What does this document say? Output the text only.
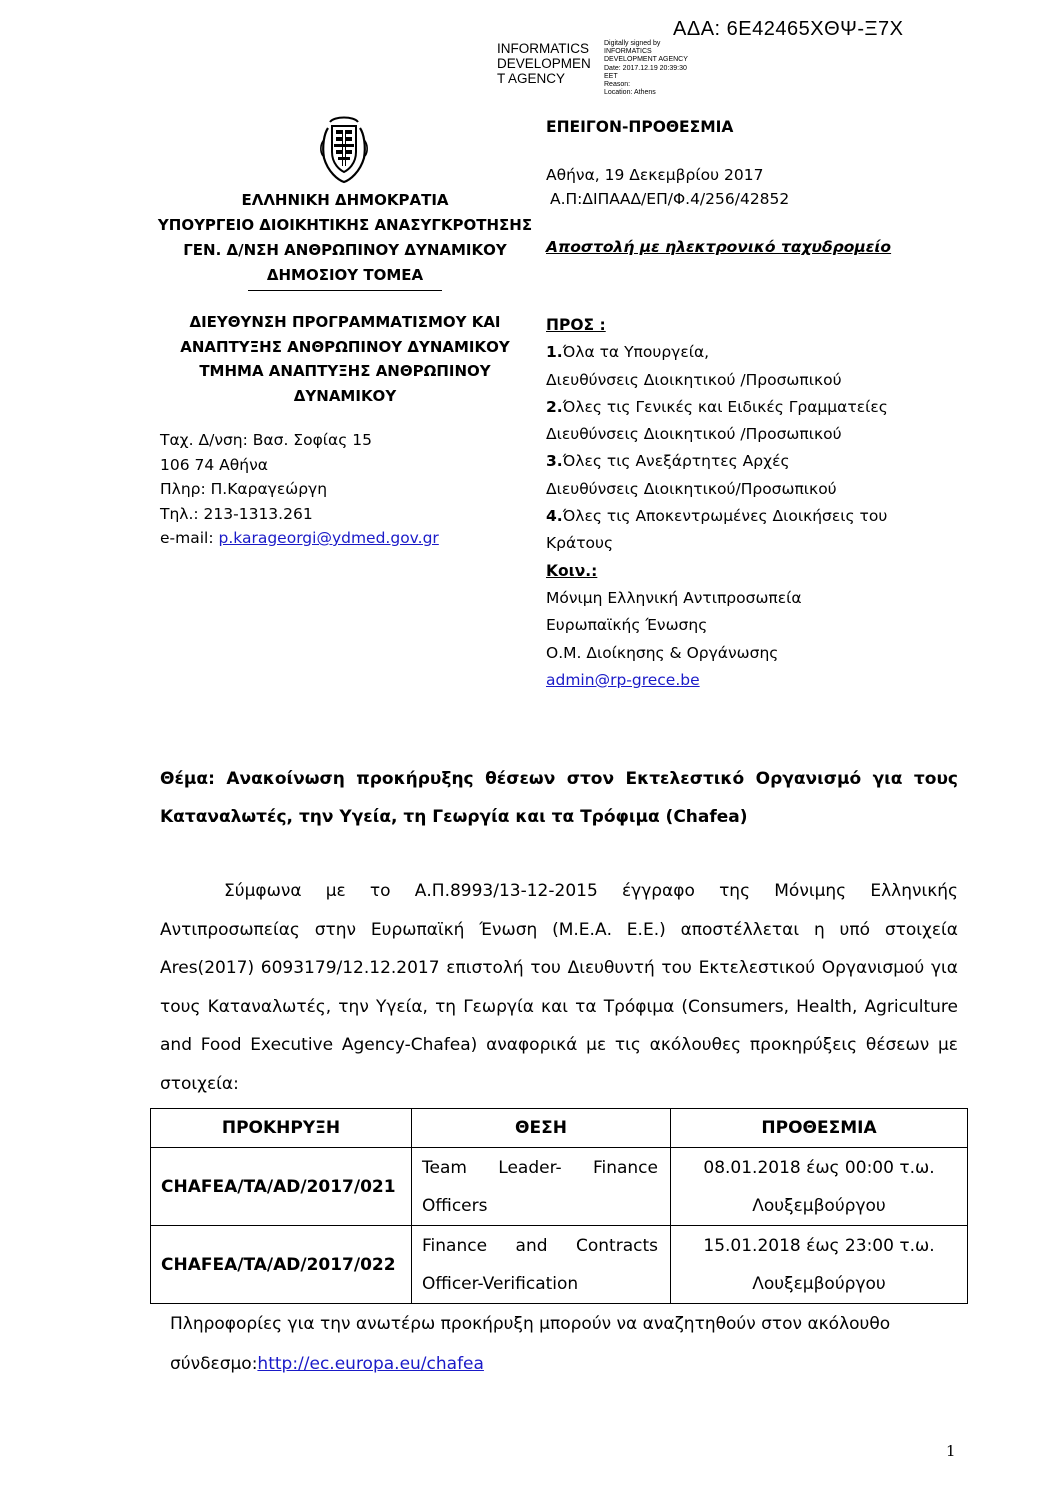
ΑΔΑ: 6Ε42465ΧΘΨ-Ξ7Χ
INFORMATICS
DEVELOPMEN
T AGENCY
Digitally signed by
INFORMATICS
DEVELOPMENT AGENCY
Date: 2017.12.19 20:39:30
EET
Reason:
Location: Athens
ΕΛΛΗΝΙΚΗ ΔΗΜΟΚΡΑΤΙΑ
ΥΠΟΥΡΓΕΙΟ ΔΙΟΙΚΗΤΙΚΗΣ ΑΝΑΣΥΓΚΡΟΤΗΣΗΣ
ΓΕΝ. Δ/ΝΣΗ ΑΝΘΡΩΠΙΝΟΥ ΔΥΝΑΜΙΚΟΥ
ΔΗΜΟΣΙΟΥ ΤΟΜΕΑ
ΔΙΕΥΘΥΝΣΗ ΠΡΟΓΡΑΜΜΑΤΙΣΜΟΥ ΚΑΙ
ΑΝΑΠΤΥΞΗΣ ΑΝΘΡΩΠΙΝΟΥ ΔΥΝΑΜΙΚΟΥ
ΤΜΗΜΑ ΑΝΑΠΤΥΞΗΣ ΑΝΘΡΩΠΙΝΟΥ
ΔΥΝΑΜΙΚΟΥ
Ταχ. Δ/νση: Βασ. Σοφίας 15
106 74 Αθήνα
Πληρ: Π.Καραγεώργη
Τηλ.: 213-1313.261
e-mail: p.karageorgi@ydmed.gov.gr
ΕΠΕΙΓΟΝ-ΠΡΟΘΕΣΜΙΑ
Αθήνα, 19 Δεκεμβρίου 2017
Α.Π:ΔΙΠΑΑΔ/ΕΠ/Φ.4/256/42852
Αποστολή με ηλεκτρονικό ταχυδρομείο
ΠΡΟΣ :
1.Όλα τα Υπουργεία,
Διευθύνσεις Διοικητικού /Προσωπικού
2.Όλες τις Γενικές και Ειδικές Γραμματείες
Διευθύνσεις Διοικητικού /Προσωπικού
3.Όλες τις Ανεξάρτητες Αρχές
Διευθύνσεις Διοικητικού/Προσωπικού
4.Όλες τις Αποκεντρωμένες Διοικήσεις του
Κράτους
Κοιν.:
Μόνιμη Ελληνική Αντιπροσωπεία
Ευρωπαϊκής Ένωσης
Ο.Μ. Διοίκησης & Οργάνωσης
admin@rp-grece.be
Θέμα: Ανακοίνωση προκήρυξης θέσεων στον Εκτελεστικό Οργανισμό για τους Καταναλωτές, την Υγεία, τη Γεωργία και τα Τρόφιμα (Chafea)
Σύμφωνα με το Α.Π.8993/13-12-2015 έγγραφο της Μόνιμης Ελληνικής Αντιπροσωπείας στην Ευρωπαϊκή Ένωση (Μ.Ε.Α. Ε.Ε.) αποστέλλεται η υπό στοιχεία Ares(2017) 6093179/12.12.2017 επιστολή του Διευθυντή του Εκτελεστικού Οργανισμού για τους Καταναλωτές, την Υγεία, τη Γεωργία και τα Τρόφιμα (Consumers, Health, Agriculture and Food Executive Agency-Chafea) αναφορικά με τις ακόλουθες προκηρύξεις θέσεων με στοιχεία:
ΠΡΟΚΗΡΥΞΗ	ΘΕΣΗ	ΠΡΟΘΕΣΜΙΑ
CHAFEA/TA/AD/2017/021	Team Leader- Finance Officers	08.01.2018 έως 00:00 τ.ω.
Λουξεμβούργου

CHAFEA/TA/AD/2017/022	Finance and Contracts Officer-Verification	15.01.2018 έως 23:00 τ.ω.
Λουξεμβούργου
Πληροφορίες για την ανωτέρω προκήρυξη μπορούν να αναζητηθούν στον ακόλουθο σύνδεσμο:http://ec.europa.eu/chafea
1
